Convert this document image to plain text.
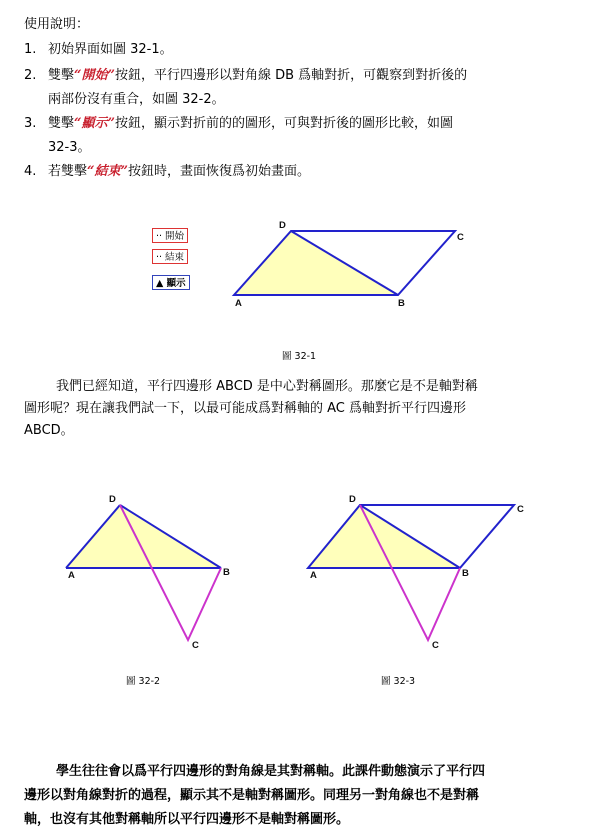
使用說明：
1. 初始界面如圖 32-1。
2. 雙擊“開始”按鈕，平行四邊形以對角線 DB 爲軸對折，可觀察到對折後的
兩部份沒有重合，如圖 32-2。
3. 雙擊“顯示”按鈕，顯示對折前的的圖形，可與對折後的圖形比較，如圖
32-3。
4. 若雙擊“結束”按鈕時，畫面恢復爲初始畫面。
·· 開始
·· 結束
▲ 顯示
D
C
A	B
D
A	B
C
D
C
A	B
C
圖 32-1
我們已經知道，平行四邊形 ABCD 是中心對稱圖形。那麼它是不是軸對稱
圖形呢？現在讓我們試一下，以最可能成爲對稱軸的 AC 爲軸對折平行四邊形
ABCD。
圖 32-2	圖 32-3
學生往往會以爲平行四邊形的對角線是其對稱軸。此課件動態演示了平行四
邊形以對角線對折的過程，顯示其不是軸對稱圖形。同理另一對角線也不是對稱
軸，也沒有其他對稱軸所以平行四邊形不是軸對稱圖形。
